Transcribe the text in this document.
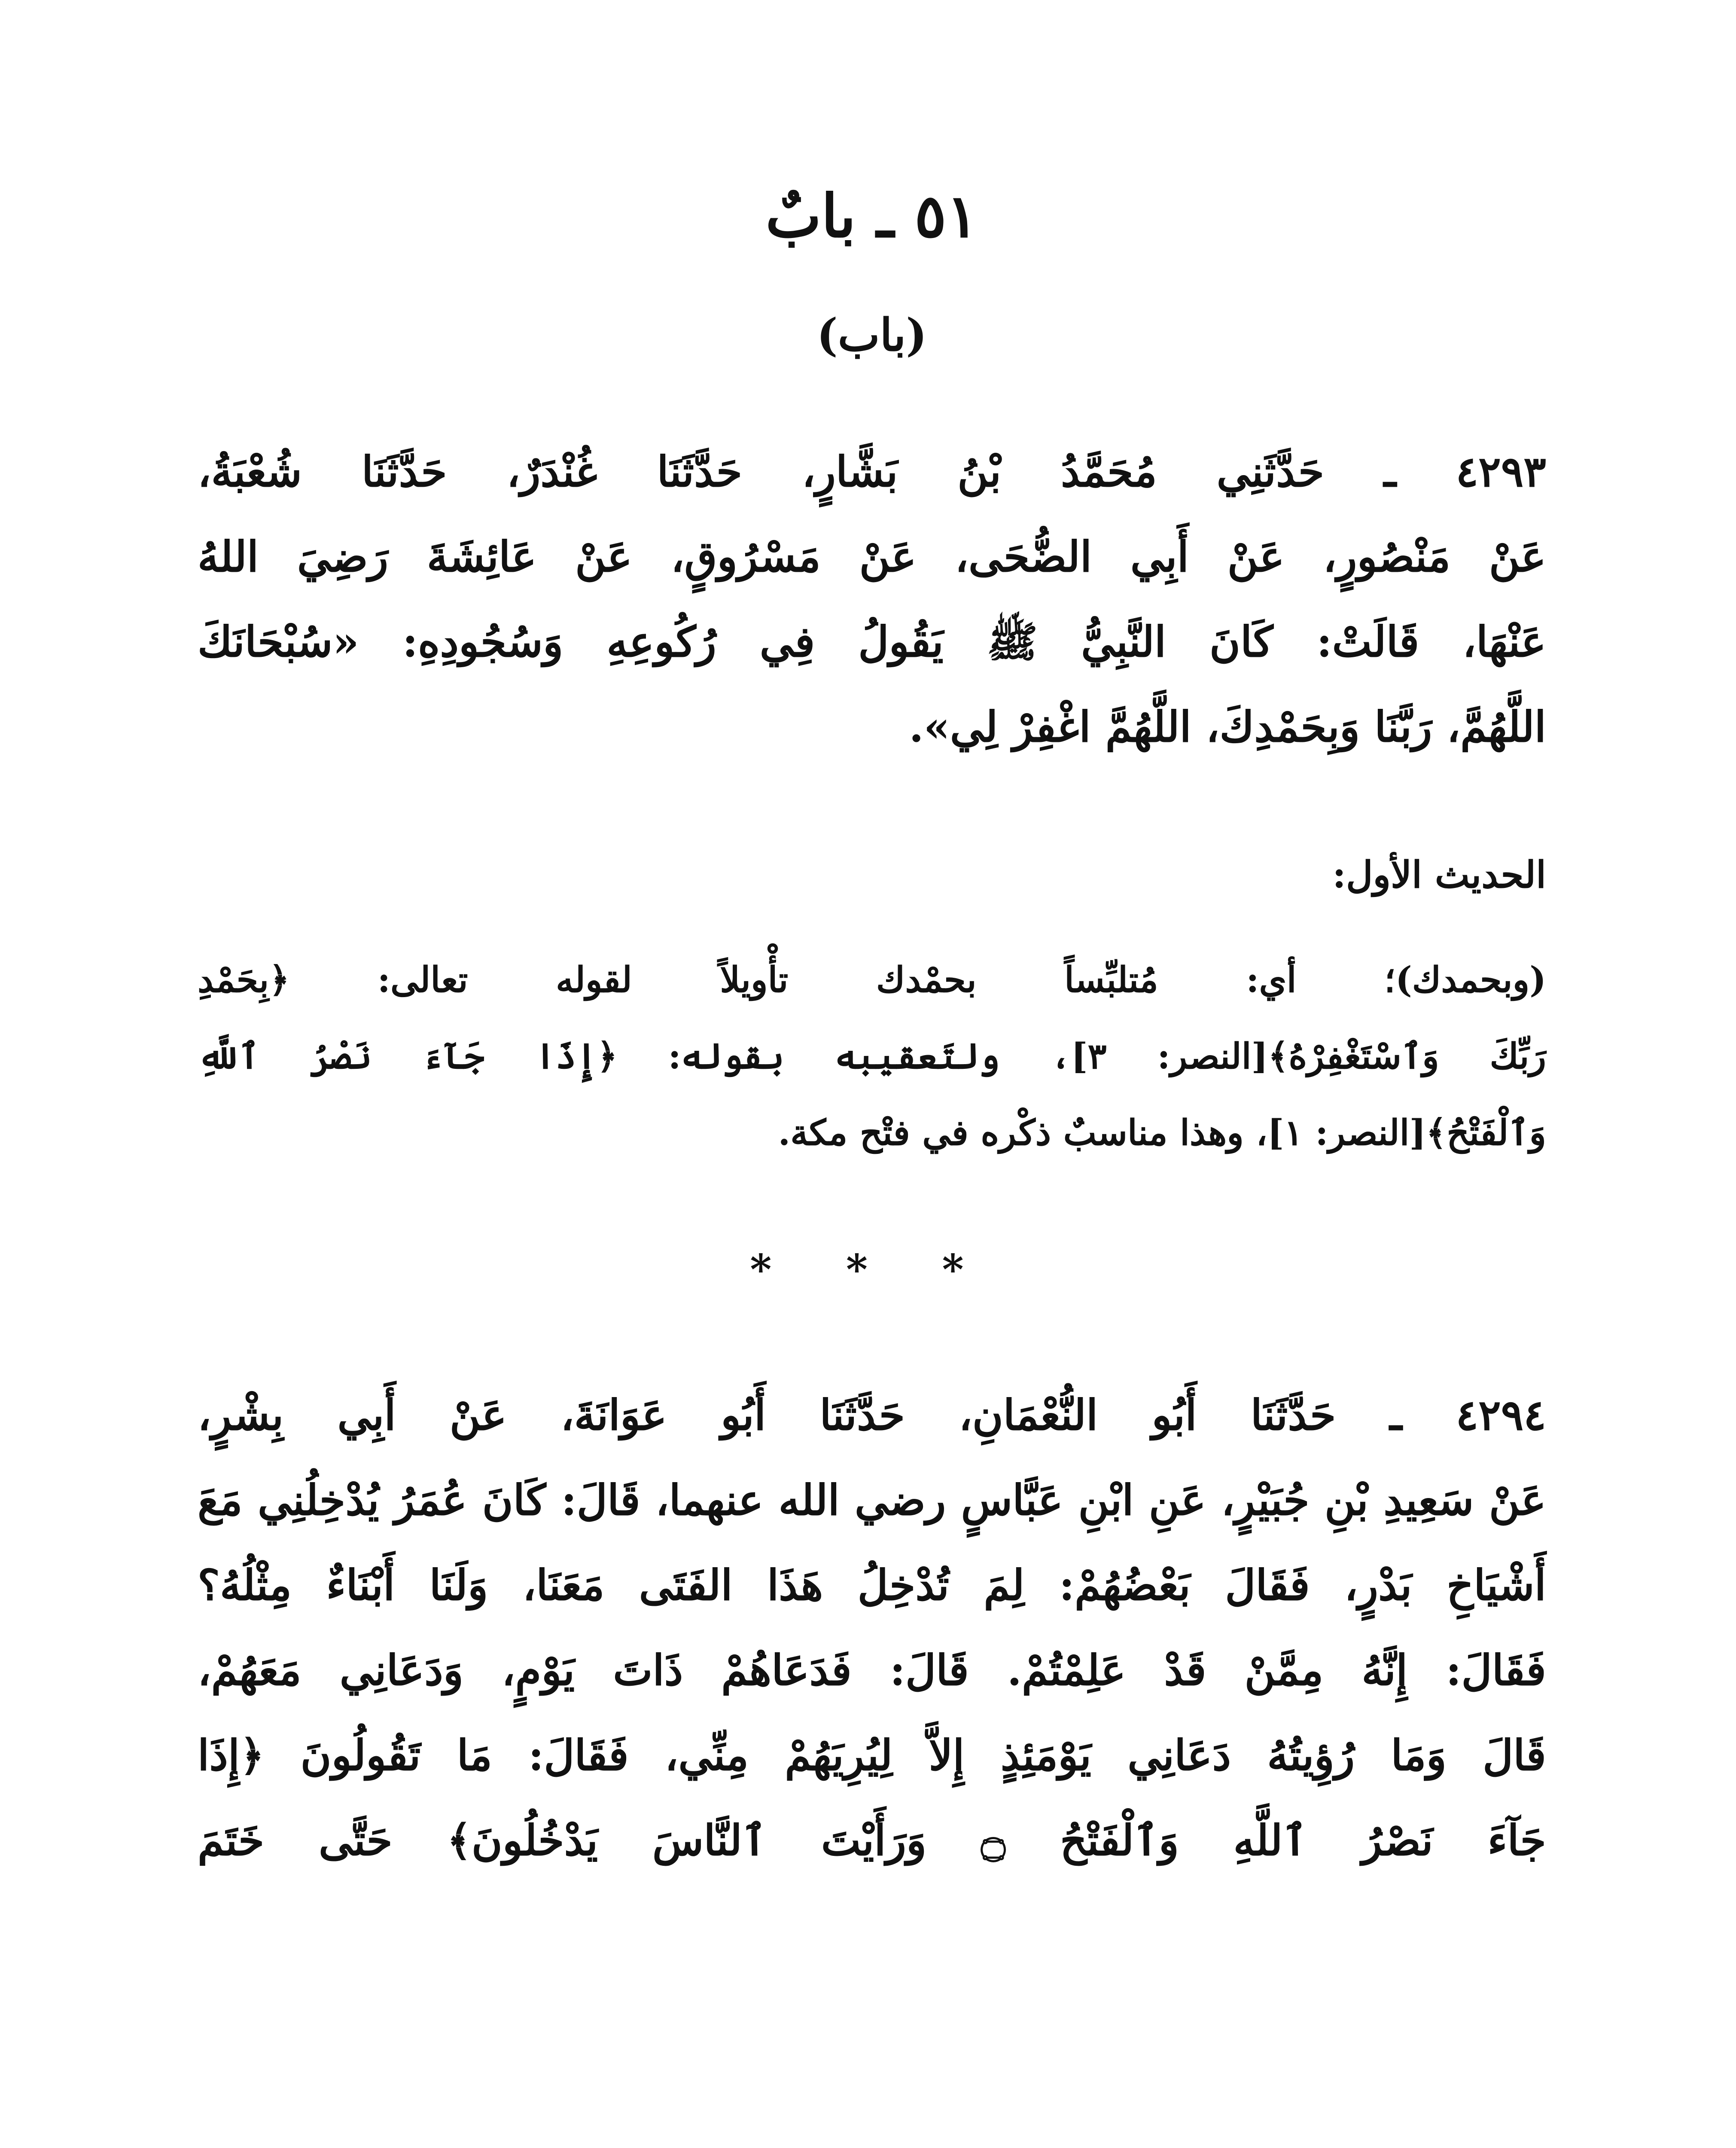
٥١ ـ بابٌ
(باب)
٤٢٩٣ ـ حَدَّثَنِي مُحَمَّدُ بْنُ بَشَّارٍ، حَدَّثَنَا غُنْدَرٌ، حَدَّثَنَا شُعْبَةُ،
عَنْ مَنْصُورٍ، عَنْ أَبِي الضُّحَى، عَنْ مَسْرُوقٍ، عَنْ عَائِشَةَ رَضِيَ اللهُ
عَنْهَا، قَالَتْ: كَانَ النَّبِيُّ ﷺ يَقُولُ فِي رُكُوعِهِ وَسُجُودِهِ: «سُبْحَانَكَ
اللَّهُمَّ، رَبَّنَا وَبِحَمْدِكَ، اللَّهُمَّ اغْفِرْ لِي».
الحديث الأول:
(وبحمدك)؛ أي: مُتلبِّساً بحمْدك تأْويلاً لقوله تعالى: ﴿بِحَمْدِ
رَبِّكَ وَٱسْتَغْفِرْهُ﴾[النصر: ٣]، ولتَعقيبه بقوله: ﴿إِذَا جَآءَ نَصْرُ ٱللَّهِ
وَٱلْفَتْحُ﴾[النصر: ١]، وهذا مناسبٌ ذكْره في فتْح مكة.
* * *
٤٢٩٤ ـ حَدَّثَنَا أَبُو النُّعْمَانِ، حَدَّثَنَا أَبُو عَوَانَةَ، عَنْ أَبِي بِشْرٍ،
عَنْ سَعِيدِ بْنِ جُبَيْرٍ، عَنِ ابْنِ عَبَّاسٍ رضي الله عنهما، قَالَ: كَانَ عُمَرُ يُدْخِلُنِي مَعَ
أَشْيَاخِ بَدْرٍ، فَقَالَ بَعْضُهُمْ: لِمَ تُدْخِلُ هَذَا الفَتَى مَعَنَا، وَلَنَا أَبْنَاءٌ مِثْلُهُ؟
فَقَالَ: إِنَّهُ مِمَّنْ قَدْ عَلِمْتُمْ. قَالَ: فَدَعَاهُمْ ذَاتَ يَوْمٍ، وَدَعَانِي مَعَهُمْ،
قَالَ وَمَا رُؤِيتُهُ دَعَانِي يَوْمَئِذٍ إِلاَّ لِيُرِيَهُمْ مِنِّي، فَقَالَ: مَا تَقُولُونَ ﴿إِذَا
جَآءَ نَصْرُ ٱللَّهِ وَٱلْفَتْحُ ۝ وَرَأَيْتَ ٱلنَّاسَ يَدْخُلُونَ﴾ حَتَّى خَتَمَ
